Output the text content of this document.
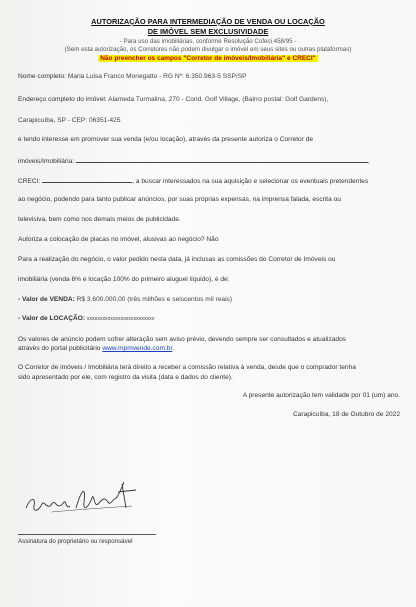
AUTORIZAÇÃO PARA INTERMEDIAÇÃO DE VENDA OU LOCAÇÃO
DE IMÓVEL SEM EXCLUSIVIDADE
- Para uso das imobiliárias, conforme Resolução Cofeci 458/95 -
(Sem esta autorização, os Corretores não podem divulgar o imóvel em seus sites ou outras plataformas)
Não preencher os campos "Corretor de imóveis/Imobiliária" e CRECI"
Nome completo: Maria Luisa Franco Monegatto - RG Nº: 6.350.963-5 SSP/SP
Endereço completo do imóvel: Alameda Turmalina, 270 - Cond. Golf Village, (Bairro postal: Golf Gardens),
Carapicuíba, SP - CEP: 06351-425
e tendo interesse em promover sua venda (e/ou locação), através da presente autoriza o Corretor de
imóveis/Imobiliária:	,
CRECI:	, a buscar interessados na sua aquisição e selecionar os eventuais pretendentes
ao negócio, podendo para tanto publicar anúncios, por suas próprias expensas, na imprensa falada, escrita ou
televisiva, bem como nos demais meios de publicidade.
Autoriza a colocação de placas no imóvel, alusivas ao negócio? Não
Para a realização do negócio, o valor pedido nesta data, já inclusas as comissões do Corretor de Imóveis ou
imobiliária (venda 6% e locação 100% do primeiro aluguel líquido), é de:
- Valor de VENDA: R$ 3.600.000,00 (três milhões e seiscentos mil reais)
- Valor de LOCAÇÃO: xxxxxxxxxxxxxxxxxxxxxxxxxx
Os valores de anúncio podem sofrer alteração sem aviso prévio, devendo sempre ser consultados e atualizados
através do portal publicitário www.mpmvende.com.br.
O Corretor de imóveis / Imobiliária terá direito a receber a comissão relativa à venda, desde que o comprador tenha
sido apresentado por ele, com registro da visita (data e dados do cliente).
A presente autorização tem validade por 01 (um) ano.
Carapicuíba, 18 de Outubro de 2022
Assinatura do proprietário ou responsável
